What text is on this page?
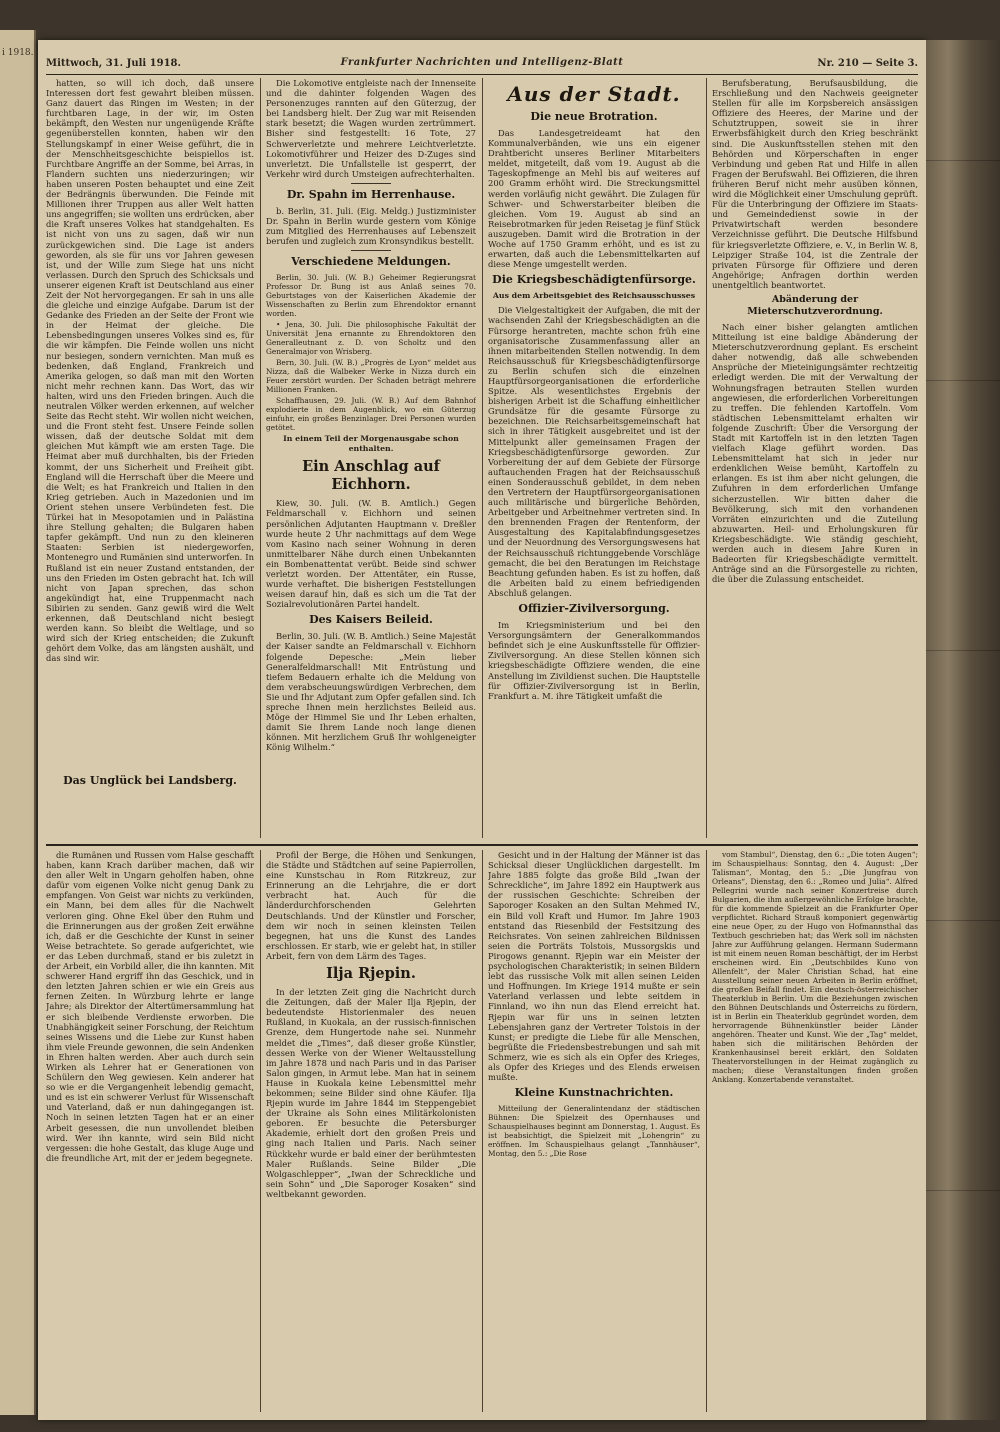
i 1918.
Mittwoch, 31. Juli 1918.	Frankfurter Nachrichten und Intelligenz-Blatt	Nr. 210 — Seite 3.

hatten, so will ich doch, daß unsere Interessen dort fest gewahrt bleiben müssen. Ganz dauert das Ringen im Westen; in der furchtbaren Lage, in der wir, im Osten bekämpft, den Westen nur ungenügende Kräfte gegenüberstellen konnten, haben wir den Stellungskampf in einer Weise geführt, die in der Menschheitsgeschichte beispiellos ist. Furchtbare Angriffe an der Somme, bei Arras, in Flandern suchten uns niederzuringen; wir haben unseren Posten behauptet und eine Zeit der Bedrängnis überwunden. Die Feinde mit Millionen ihrer Truppen aus aller Welt hatten uns angegriffen; sie wollten uns erdrücken, aber die Kraft unseres Volkes hat standgehalten. Es ist nicht von uns zu sagen, daß wir nun zurückgewichen sind. Die Lage ist anders geworden, als sie für uns vor Jahren gewesen ist, und der Wille zum Siege hat uns nicht verlassen. Durch den Spruch des Schicksals und unserer eigenen Kraft ist Deutschland aus einer Zeit der Not hervorgegangen. Er sah in uns alle die gleiche und einzige Aufgabe. Darum ist der Gedanke des Frieden an der Seite der Front wie in der Heimat der gleiche. Die Lebensbedingungen unseres Volkes sind es, für die wir kämpfen. Die Feinde wollen uns nicht nur besiegen, sondern vernichten. Man muß es bedenken, daß England, Frankreich und Amerika gelogen, so daß man mit den Worten nicht mehr rechnen kann. Das Wort, das wir halten, wird uns den Frieden bringen. Auch die neutralen Völker werden erkennen, auf welcher Seite das Recht steht. Wir wollen nicht weichen, und die Front steht fest. Unsere Feinde sollen wissen, daß der deutsche Soldat mit dem gleichen Mut kämpft wie am ersten Tage. Die Heimat aber muß durchhalten, bis der Frieden kommt, der uns Sicherheit und Freiheit gibt. England will die Herrschaft über die Meere und die Welt; es hat Frankreich und Italien in den Krieg getrieben. Auch in Mazedonien und im Orient stehen unsere Verbündeten fest. Die Türkei hat in Mesopotamien und in Palästina ihre Stellung gehalten; die Bulgaren haben tapfer gekämpft. Und nun zu den kleineren Staaten: Serbien ist niedergeworfen, Montenegro und Rumänien sind unterworfen. In Rußland ist ein neuer Zustand entstanden, der uns den Frieden im Osten gebracht hat. Ich will nicht von Japan sprechen, das schon angekündigt hat, eine Truppenmacht nach Sibirien zu senden. Ganz gewiß wird die Welt erkennen, daß Deutschland nicht besiegt werden kann. So bleibt die Weltlage, und so wird sich der Krieg entscheiden; die Zukunft gehört dem Volke, das am längsten aushält, und das sind wir.

Das Unglück bei Landsberg.

Die Lokomotive entgleiste nach der Innenseite und die dahinter folgenden Wagen des Personenzuges rannten auf den Güterzug, der bei Landsberg hielt. Der Zug war mit Reisenden stark besetzt; die Wagen wurden zertrümmert. Bisher sind festgestellt: 16 Tote, 27 Schwerverletzte und mehrere Leichtverletzte. Lokomotivführer und Heizer des D-Zuges sind unverletzt. Die Unfallstelle ist gesperrt, der Verkehr wird durch Umsteigen aufrechterhalten.

Dr. Spahn im Herrenhause.

b. Berlin, 31. Juli. (Eig. Meldg.) Justizminister Dr. Spahn in Berlin wurde gestern vom Könige zum Mitglied des Herrenhauses auf Lebenszeit berufen und zugleich zum Kronsyndikus bestellt.

Verschiedene Meldungen.

Berlin, 30. Juli. (W. B.) Geheimer Regierungsrat Professor Dr. Bung ist aus Anlaß seines 70. Geburtstages von der Kaiserlichen Akademie der Wissenschaften zu Berlin zum Ehrendoktor ernannt worden.

• Jena, 30. Juli. Die philosophische Fakultät der Universität Jena ernannte zu Ehrendoktoren den Generalleutnant z. D. von Scholtz und den Generalmajor von Wrisberg.

Bern, 30. Juli. (W. B.) „Progrès de Lyon“ meldet aus Nizza, daß die Walbeker Werke in Nizza durch ein Feuer zerstört wurden. Der Schaden beträgt mehrere Millionen Franken.

Schaffhausen, 29. Juli. (W. B.) Auf dem Bahnhof explodierte in dem Augenblick, wo ein Güterzug einfuhr, ein großes Benzinlager. Drei Personen wurden getötet.

In einem Teil der Morgenausgabe schon enthalten.
Ein Anschlag auf Eichhorn.

Kiew, 30. Juli. (W. B. Amtlich.) Gegen Feldmarschall v. Eichhorn und seinen persönlichen Adjutanten Hauptmann v. Dreßler wurde heute 2 Uhr nachmittags auf dem Wege vom Kasino nach seiner Wohnung in deren unmittelbarer Nähe durch einen Unbekannten ein Bombenattentat verübt. Beide sind schwer verletzt worden. Der Attentäter, ein Russe, wurde verhaftet. Die bisherigen Feststellungen weisen darauf hin, daß es sich um die Tat der Sozialrevolutionären Partei handelt.

Des Kaisers Beileid.

Berlin, 30. Juli. (W. B. Amtlich.) Seine Majestät der Kaiser sandte an Feldmarschall v. Eichhorn folgende Depesche: „Mein lieber Generalfeldmarschall! Mit Entrüstung und tiefem Bedauern erhalte ich die Meldung von dem verabscheuungswürdigen Verbrechen, dem Sie und Ihr Adjutant zum Opfer gefallen sind. Ich spreche Ihnen mein herzlichstes Beileid aus. Möge der Himmel Sie und Ihr Leben erhalten, damit Sie Ihrem Lande noch lange dienen können. Mit herzlichem Gruß Ihr wohlgeneigter König Wilhelm.“

Aus der Stadt.
Die neue Brotration.

Das Landesgetreideamt hat den Kommunalverbänden, wie uns ein eigener Drahtbericht unseres Berliner Mitarbeiters meldet, mitgeteilt, daß vom 19. August ab die Tageskopfmenge an Mehl bis auf weiteres auf 200 Gramm erhöht wird. Die Streckungsmittel werden vorläufig nicht gewährt. Die Zulagen für Schwer- und Schwerstarbeiter bleiben die gleichen. Vom 19. August ab sind an Reisebrotmarken für jeden Reisetag je fünf Stück auszugeben. Damit wird die Brotration in der Woche auf 1750 Gramm erhöht, und es ist zu erwarten, daß auch die Lebensmittelkarten auf diese Menge umgestellt werden.

Die Kriegsbeschädigtenfürsorge.
Aus dem Arbeitsgebiet des Reichsausschusses

Die Vielgestaltigkeit der Aufgaben, die mit der wachsenden Zahl der Kriegsbeschädigten an die Fürsorge herantreten, machte schon früh eine organisatorische Zusammenfassung aller an ihnen mitarbeitenden Stellen notwendig. In dem Reichsausschuß für Kriegsbeschädigtenfürsorge zu Berlin schufen sich die einzelnen Hauptfürsorgeorganisationen die erforderliche Spitze. Als wesentlichstes Ergebnis der bisherigen Arbeit ist die Schaffung einheitlicher Grundsätze für die gesamte Fürsorge zu bezeichnen. Die Reichsarbeitsgemeinschaft hat sich in ihrer Tätigkeit ausgebreitet und ist der Mittelpunkt aller gemeinsamen Fragen der Kriegsbeschädigtenfürsorge geworden. Zur Vorbereitung der auf dem Gebiete der Fürsorge auftauchenden Fragen hat der Reichsausschuß einen Sonderausschuß gebildet, in dem neben den Vertretern der Hauptfürsorgeorganisationen auch militärische und bürgerliche Behörden, Arbeitgeber und Arbeitnehmer vertreten sind. In den brennenden Fragen der Rentenform, der Ausgestaltung des Kapitalabfindungsgesetzes und der Neuordnung des Versorgungswesens hat der Reichsausschuß richtunggebende Vorschläge gemacht, die bei den Beratungen im Reichstage Beachtung gefunden haben. Es ist zu hoffen, daß die Arbeiten bald zu einem befriedigenden Abschluß gelangen.

Offizier-Zivilversorgung.

Im Kriegsministerium und bei den Versorgungsämtern der Generalkommandos befindet sich je eine Auskunftsstelle für Offizier-Zivilversorgung. An diese Stellen können sich kriegsbeschädigte Offiziere wenden, die eine Anstellung im Zivildienst suchen. Die Hauptstelle für Offizier-Zivilversorgung ist in Berlin, Frankfurt a. M. ihre Tätigkeit umfaßt die

Berufsberatung, Berufsausbildung, die Erschließung und den Nachweis geeigneter Stellen für alle im Korpsbereich ansässigen Offiziere des Heeres, der Marine und der Schutztruppen, soweit sie in ihrer Erwerbsfähigkeit durch den Krieg beschränkt sind. Die Auskunftsstellen stehen mit den Behörden und Körperschaften in enger Verbindung und geben Rat und Hilfe in allen Fragen der Berufswahl. Bei Offizieren, die ihren früheren Beruf nicht mehr ausüben können, wird die Möglichkeit einer Umschulung geprüft. Für die Unterbringung der Offiziere im Staats- und Gemeindedienst sowie in der Privatwirtschaft werden besondere Verzeichnisse geführt. Die Deutsche Hilfsbund für kriegsverletzte Offiziere, e. V., in Berlin W. 8, Leipziger Straße 104, ist die Zentrale der privaten Fürsorge für Offiziere und deren Angehörige; Anfragen dorthin werden unentgeltlich beantwortet.

Abänderung der Mieterschutzverordnung.

Nach einer bisher gelangten amtlichen Mitteilung ist eine baldige Abänderung der Mieterschutzverordnung geplant. Es erscheint daher notwendig, daß alle schwebenden Ansprüche der Mieteinigungsämter rechtzeitig erledigt werden. Die mit der Verwaltung der Wohnungsfragen betrauten Stellen wurden angewiesen, die erforderlichen Vorbereitungen zu treffen. Die fehlenden Kartoffeln. Vom städtischen Lebensmittelamt erhalten wir folgende Zuschrift: Über die Versorgung der Stadt mit Kartoffeln ist in den letzten Tagen vielfach Klage geführt worden. Das Lebensmittelamt hat sich in jeder nur erdenklichen Weise bemüht, Kartoffeln zu erlangen. Es ist ihm aber nicht gelungen, die Zufuhren in dem erforderlichen Umfange sicherzustellen. Wir bitten daher die Bevölkerung, sich mit den vorhandenen Vorräten einzurichten und die Zuteilung abzuwarten. Heil- und Erholungskuren für Kriegsbeschädigte. Wie ständig geschieht, werden auch in diesem Jahre Kuren in Badeorten für Kriegsbeschädigte vermittelt. Anträge sind an die Fürsorgestelle zu richten, die über die Zulassung entscheidet.

die Rumänen und Russen vom Halse geschafft haben, kann Krach darüber machen, daß wir den aller Welt in Ungarn geholfen haben, ohne dafür vom eigenen Volke nicht genug Dank zu empfangen. Von Geist war nichts zu verkünden, ein Mann, bei dem alles für die Nachwelt verloren ging. Ohne Ekel über den Ruhm und die Erinnerungen aus der großen Zeit erwähne ich, daß er die Geschichte der Kunst in seiner Weise betrachtete. So gerade aufgerichtet, wie er das Leben durchmaß, stand er bis zuletzt in der Arbeit, ein Vorbild aller, die ihn kannten. Mit schwerer Hand ergriff ihn das Geschick, und in den letzten Jahren schien er wie ein Greis aus fernen Zeiten. In Würzburg lehrte er lange Jahre; als Direktor der Altertümersammlung hat er sich bleibende Verdienste erworben. Die Unabhängigkeit seiner Forschung, der Reichtum seines Wissens und die Liebe zur Kunst haben ihm viele Freunde gewonnen, die sein Andenken in Ehren halten werden. Aber auch durch sein Wirken als Lehrer hat er Generationen von Schülern den Weg gewiesen. Kein anderer hat so wie er die Vergangenheit lebendig gemacht, und es ist ein schwerer Verlust für Wissenschaft und Vaterland, daß er nun dahingegangen ist. Noch in seinen letzten Tagen hat er an einer Arbeit gesessen, die nun unvollendet bleiben wird. Wer ihn kannte, wird sein Bild nicht vergessen: die hohe Gestalt, das kluge Auge und die freundliche Art, mit der er jedem begegnete.

Profil der Berge, die Höhen und Senkungen, die Städte und Städtchen auf seine Papierrollen, eine Kunstschau in Rom Ritzkreuz, zur Erinnerung an die Lehrjahre, die er dort verbracht hat. Auch für die länderdurchforschenden Gelehrten Deutschlands. Und der Künstler und Forscher, dem wir noch in seinen kleinsten Teilen begegnen, hat uns die Kunst des Landes erschlossen. Er starb, wie er gelebt hat, in stiller Arbeit, fern von dem Lärm des Tages.

Ilja Rjepin.

In der letzten Zeit ging die Nachricht durch die Zeitungen, daß der Maler Ilja Rjepin, der bedeutendste Historienmaler des neuen Rußland, in Kuokala, an der russisch-finnischen Grenze, dem Hungertode nahe sei. Nunmehr meldet die „Times“, daß dieser große Künstler, dessen Werke von der Wiener Weltausstellung im Jahre 1878 und nach Paris und in das Pariser Salon gingen, in Armut lebe. Man hat in seinem Hause in Kuokala keine Lebensmittel mehr bekommen; seine Bilder sind ohne Käufer. Ilja Rjepin wurde im Jahre 1844 im Steppengebiet der Ukraine als Sohn eines Militärkolonisten geboren. Er besuchte die Petersburger Akademie, erhielt dort den großen Preis und ging nach Italien und Paris. Nach seiner Rückkehr wurde er bald einer der berühmtesten Maler Rußlands. Seine Bilder „Die Wolgaschlepper“, „Iwan der Schreckliche und sein Sohn“ und „Die Saporoger Kosaken“ sind weltbekannt geworden.

Gesicht und in der Haltung der Männer ist das Schicksal dieser Unglücklichen dargestellt. Im Jahre 1885 folgte das große Bild „Iwan der Schreckliche“, im Jahre 1892 ein Hauptwerk aus der russischen Geschichte: Schreiben der Saporoger Kosaken an den Sultan Mehmed IV., ein Bild voll Kraft und Humor. Im Jahre 1903 entstand das Riesenbild der Festsitzung des Reichsrates. Von seinen zahlreichen Bildnissen seien die Porträts Tolstois, Mussorgskis und Pirogows genannt. Rjepin war ein Meister der psychologischen Charakteristik; in seinen Bildern lebt das russische Volk mit allen seinen Leiden und Hoffnungen. Im Kriege 1914 mußte er sein Vaterland verlassen und lebte seitdem in Finnland, wo ihn nun das Elend erreicht hat. Rjepin war für uns in seinen letzten Lebensjahren ganz der Vertreter Tolstois in der Kunst; er predigte die Liebe für alle Menschen, begrüßte die Friedensbestrebungen und sah mit Schmerz, wie es sich als ein Opfer des Krieges, als Opfer des Krieges und des Elends erweisen mußte.

Kleine Kunstnachrichten.

Mitteilung der Generalintendanz der städtischen Bühnen: Die Spielzeit des Opernhauses und Schauspielhauses beginnt am Donnerstag, 1. August. Es ist beabsichtigt, die Spielzeit mit „Lohengrin“ zu eröffnen. Im Schauspielhaus gelangt „Tannhäuser“, Montag, den 5.: „Die Rose

vom Stambul“, Dienstag, den 6.: „Die toten Augen“; im Schauspielhaus: Sonntag, den 4. August: „Der Talisman“, Montag, den 5.: „Die Jungfrau von Orleans“, Dienstag, den 6.: „Romeo und Julia“. Alfred Pellegrini wurde nach seiner Konzertreise durch Bulgarien, die ihm außergewöhnliche Erfolge brachte, für die kommende Spielzeit an die Frankfurter Oper verpflichtet. Richard Strauß komponiert gegenwärtig eine neue Oper, zu der Hugo von Hofmannsthal das Textbuch geschrieben hat; das Werk soll im nächsten Jahre zur Aufführung gelangen. Hermann Sudermann ist mit einem neuen Roman beschäftigt, der im Herbst erscheinen wird. Ein „Deutschbildes Kuno von Allenfelt“, der Maler Christian Schad, hat eine Ausstellung seiner neuen Arbeiten in Berlin eröffnet, die großen Beifall findet. Ein deutsch-österreichischer Theaterklub in Berlin. Um die Beziehungen zwischen den Bühnen Deutschlands und Österreichs zu fördern, ist in Berlin ein Theaterklub gegründet worden, dem hervorragende Bühnenkünstler beider Länder angehören. Theater und Kunst. Wie der „Tag“ meldet, haben sich die militärischen Behörden der Krankenhausinsel bereit erklärt, den Soldaten Theatervorstellungen in der Heimat zugänglich zu machen; diese Veranstaltungen finden großen Anklang. Konzertabende veranstaltet.
